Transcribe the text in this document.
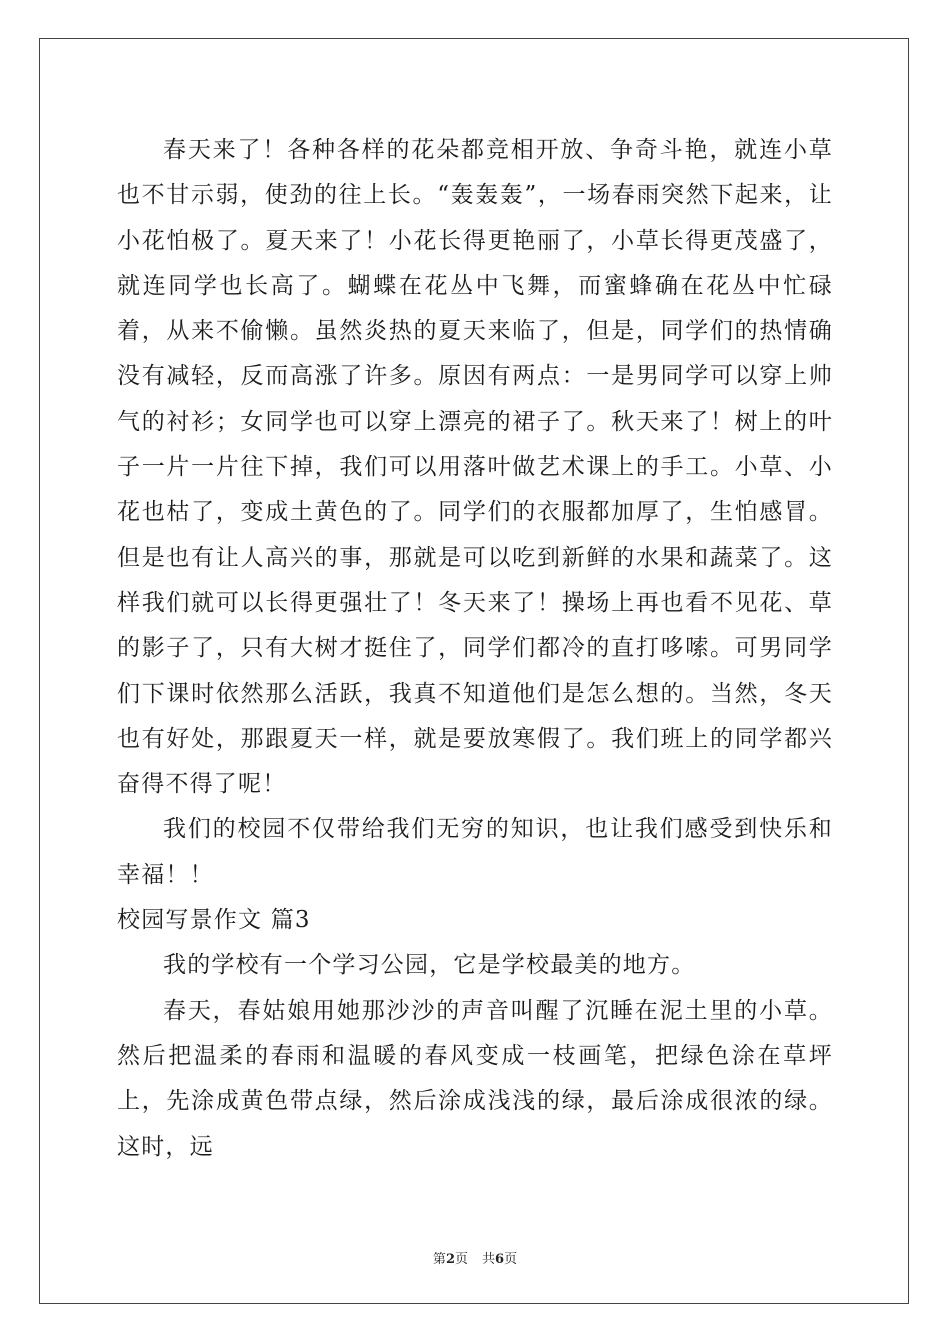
春天来了！各种各样的花朵都竞相开放、争奇斗艳，就连小草也不甘示弱，使劲的往上长。“轰轰轰”，一场春雨突然下起来，让小花怕极了。夏天来了！小花长得更艳丽了，小草长得更茂盛了，就连同学也长高了。蝴蝶在花丛中飞舞，而蜜蜂确在花丛中忙碌着，从来不偷懒。虽然炎热的夏天来临了，但是，同学们的热情确没有减轻，反而高涨了许多。原因有两点：一是男同学可以穿上帅气的衬衫；女同学也可以穿上漂亮的裙子了。秋天来了！树上的叶子一片一片往下掉，我们可以用落叶做艺术课上的手工。小草、小花也枯了，变成土黄色的了。同学们的衣服都加厚了，生怕感冒。但是也有让人高兴的事，那就是可以吃到新鲜的水果和蔬菜了。这样我们就可以长得更强壮了！冬天来了！操场上再也看不见花、草的影子了，只有大树才挺住了，同学们都冷的直打哆嗦。可男同学们下课时依然那么活跃，我真不知道他们是怎么想的。当然，冬天也有好处，那跟夏天一样，就是要放寒假了。我们班上的同学都兴奋得不得了呢！

我们的校园不仅带给我们无穷的知识，也让我们感受到快乐和幸福！！

校园写景作文 篇3

我的学校有一个学习公园，它是学校最美的地方。

春天，春姑娘用她那沙沙的声音叫醒了沉睡在泥土里的小草。然后把温柔的春雨和温暖的春风变成一枝画笔，把绿色涂在草坪上，先涂成黄色带点绿，然后涂成浅浅的绿，最后涂成很浓的绿。这时，远

第2页 共6页
